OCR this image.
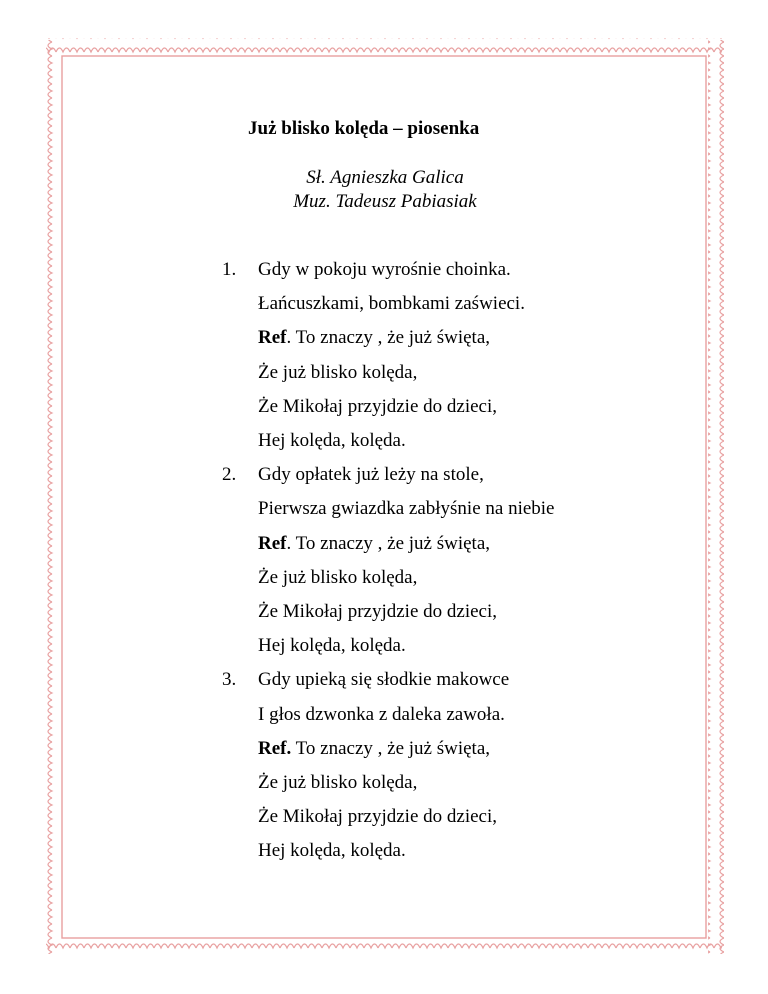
Już blisko kolęda – piosenka
Sł. Agnieszka Galica
Muz. Tadeusz Pabiasiak
1. Gdy w pokoju wyrośnie choinka.
Łańcuszkami, bombkami zaświeci.
Ref. To znaczy , że już święta,
Że już blisko kolęda,
Że Mikołaj przyjdzie do dzieci,
Hej kolęda, kolęda.
2. Gdy opłatek już leży na stole,
Pierwsza gwiazdka zabłyśnie na niebie
Ref. To znaczy , że już święta,
Że już blisko kolęda,
Że Mikołaj przyjdzie do dzieci,
Hej kolęda, kolęda.
3. Gdy upieką się słodkie makowce
I głos dzwonka z daleka zawoła.
Ref. To znaczy , że już święta,
Że już blisko kolęda,
Że Mikołaj przyjdzie do dzieci,
Hej kolęda, kolęda.
